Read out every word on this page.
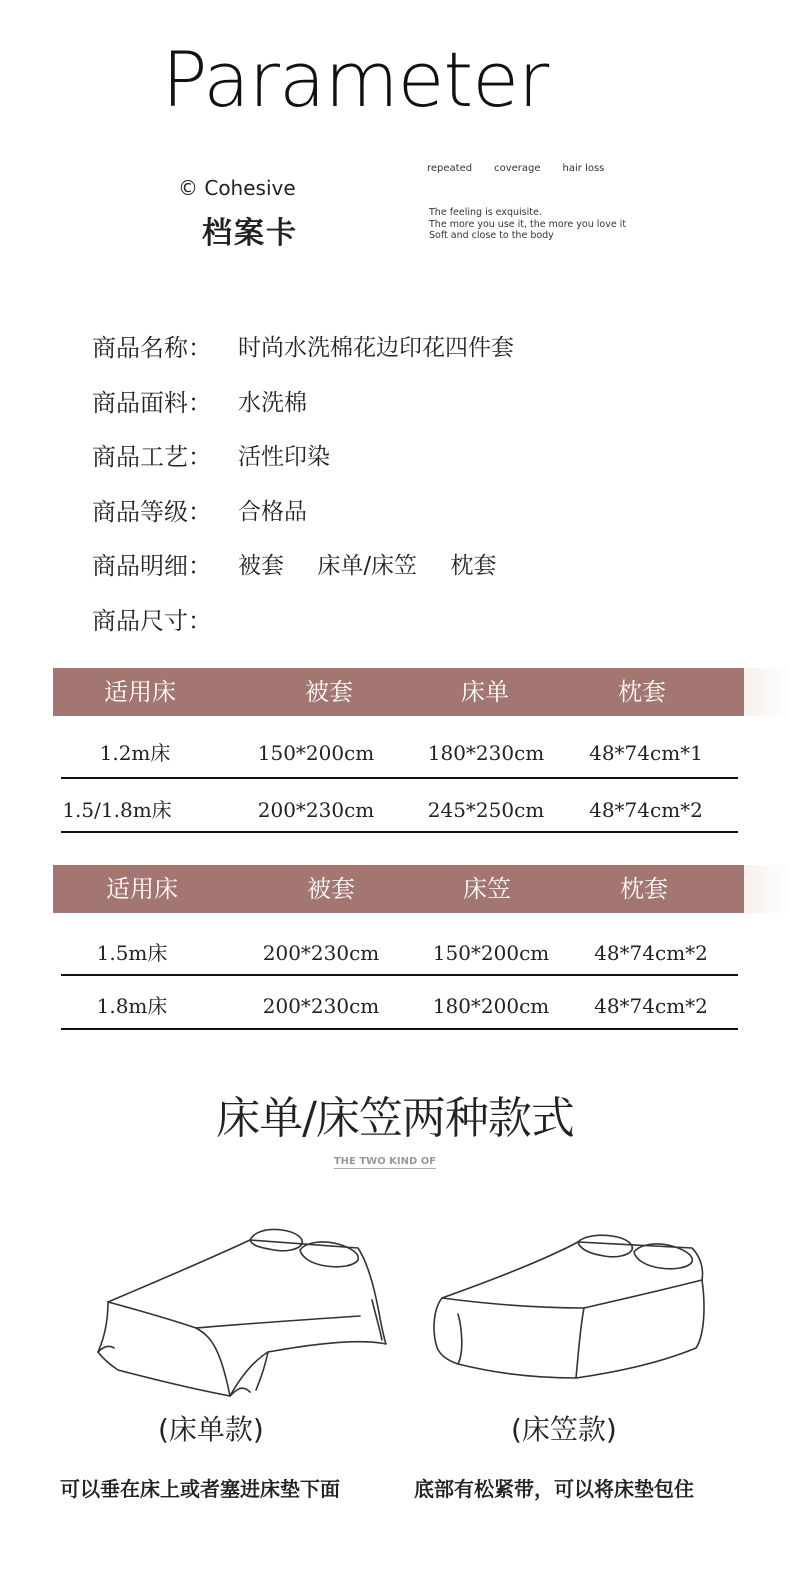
Parameter
© Cohesive
档案卡
repeated coverage hair loss
The feeling is exquisite.
The more you use it, the more you love it
Soft and close to the body
商品名称：	时尚水洗棉花边印花四件套
商品面料：	水洗棉
商品工艺：	活性印染
商品等级：	合格品
商品明细：	被套 床单/床笠 枕套
商品尺寸：
适用床	被套	床单	枕套
1.2m床	150*200cm	180*230cm 48*74cm*1
1.5/1.8m床	200*230cm	245*250cm 48*74cm*2
适用床	被套	床笠	枕套
1.5m床	200*230cm	150*200cm 48*74cm*2
1.8m床	200*230cm	180*200cm 48*74cm*2
床单/床笠两种款式
THE TWO KIND OF
(床单款)	(床笠款)
可以垂在床上或者塞进床垫下面	底部有松紧带，可以将床垫包住
